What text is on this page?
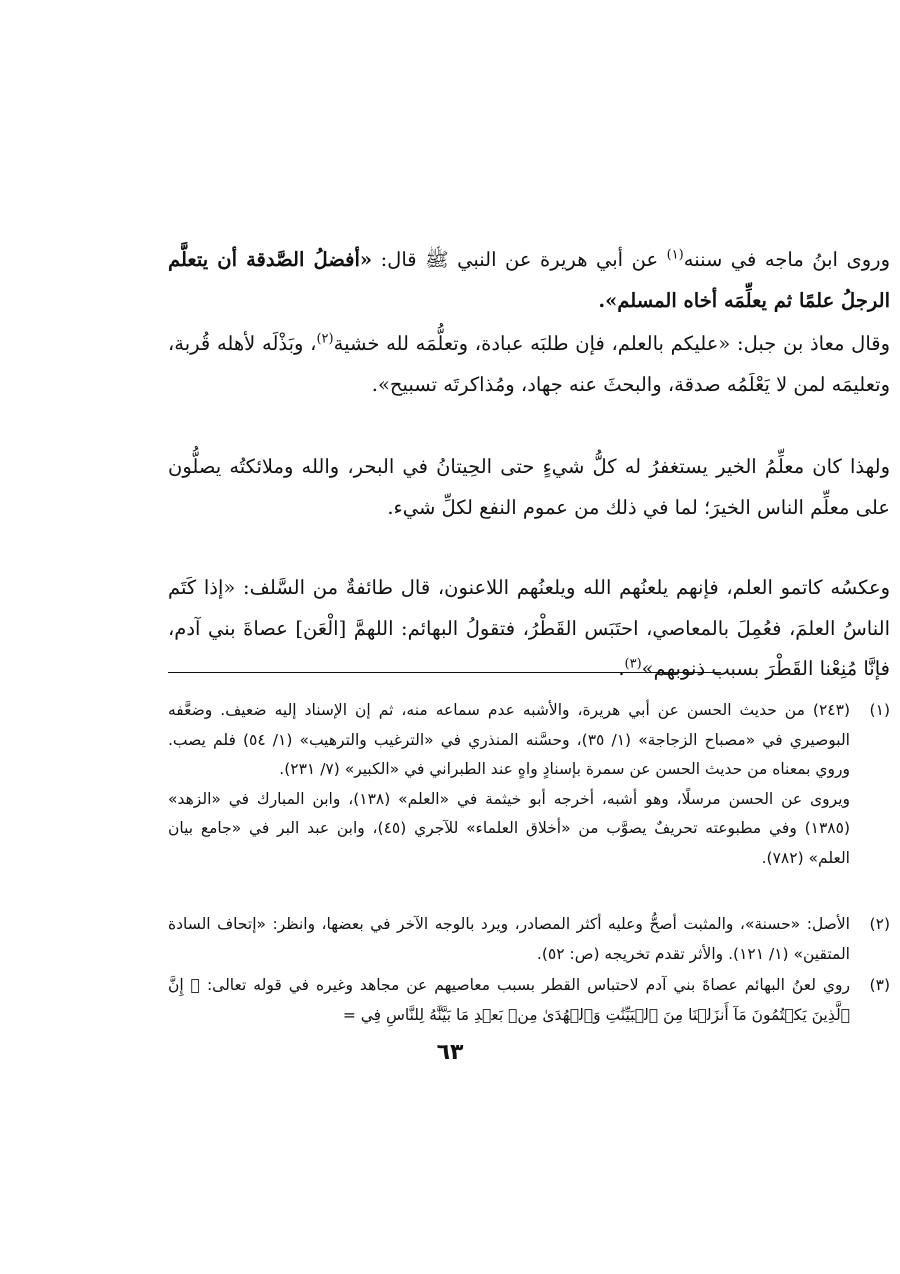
وروى ابنُ ماجه في سننه$^{(١)}$ عن أبي هريرة عن النبي ﷺ قال: «أفضلُ الصَّدقة أن يتعلَّم الرجلُ علمًا ثم يعلِّمَه أخاه المسلم».

وقال معاذ بن جبل: «عليكم بالعلم، فإن طلبَه عبادة، وتعلُّمَه لله خشية$^{(٢)}$، وبَذْلَه لأهله قُربة، وتعليمَه لمن لا يَعْلَمُه صدقة، والبحثَ عنه جهاد، ومُذاكرتَه تسبيح».

ولهذا كان معلِّمُ الخير يستغفرُ له كلُّ شيءٍ حتى الحِيتانُ في البحر، والله وملائكتُه يصلُّون على معلِّم الناس الخيرَ؛ لما في ذلك من عموم النفع لكلِّ شيء.

وعكسُه كاتمو العلم، فإنهم يلعنُهم الله ويلعنُهم اللاعنون، قال طائفةٌ من السَّلف: «إذا كَتَم الناسُ العلمَ، فعُمِلَ بالمعاصي، احتَبَس القَطْرُ، فتقولُ البهائم: اللهمَّ [الْعَن] عصاةَ بني آدم، فإنَّا مُنِعْنا القَطْرَ بسبب ذنوبهم»$^{(٣)}$.

(١)
(٢٤٣) من حديث الحسن عن أبي هريرة، والأشبه عدم سماعه منه، ثم إن الإسناد إليه ضعيف. وضعَّفه البوصيري في «مصباح الزجاجة» (١/ ٣٥)، وحسَّنه المنذري في «الترغيب والترهيب» (١/ ٥٤) فلم يصب. وروي بمعناه من حديث الحسن عن سمرة بإسنادٍ واهٍ عند الطبراني في «الكبير» (٧/ ٢٣١).
ويروى عن الحسن مرسلًا، وهو أشبه، أخرجه أبو خيثمة في «العلم» (١٣٨)، وابن المبارك في «الزهد» (١٣٨٥) وفي مطبوعته تحريفٌ يصوَّب من «أخلاق العلماء» للآجري (٤٥)، وابن عبد البر في «جامع بيان العلم» (٧٨٢).
(٢)
الأصل: «حسنة»، والمثبت أصحُّ وعليه أكثر المصادر، ويرد بالوجه الآخر في بعضها، وانظر: «إتحاف السادة المتقين» (١/ ١٢١). والأثر تقدم تخريجه (ص: ٥٢).
(٣)
روي لعنُ البهائم عصاةَ بني آدم لاحتباس القطر بسبب معاصيهم عن مجاهد وغيره في قوله تعالى: ﴿ إِنَّ ٱلَّذِينَ يَكۡتُمُونَ مَآ أَنزَلۡنَا مِنَ ٱلۡبَيِّنَٰتِ وَٱلۡهُدَىٰ مِنۢ بَعۡدِ مَا بَيَّنَّٰهُ لِلنَّاسِ فِي =
٦٣
